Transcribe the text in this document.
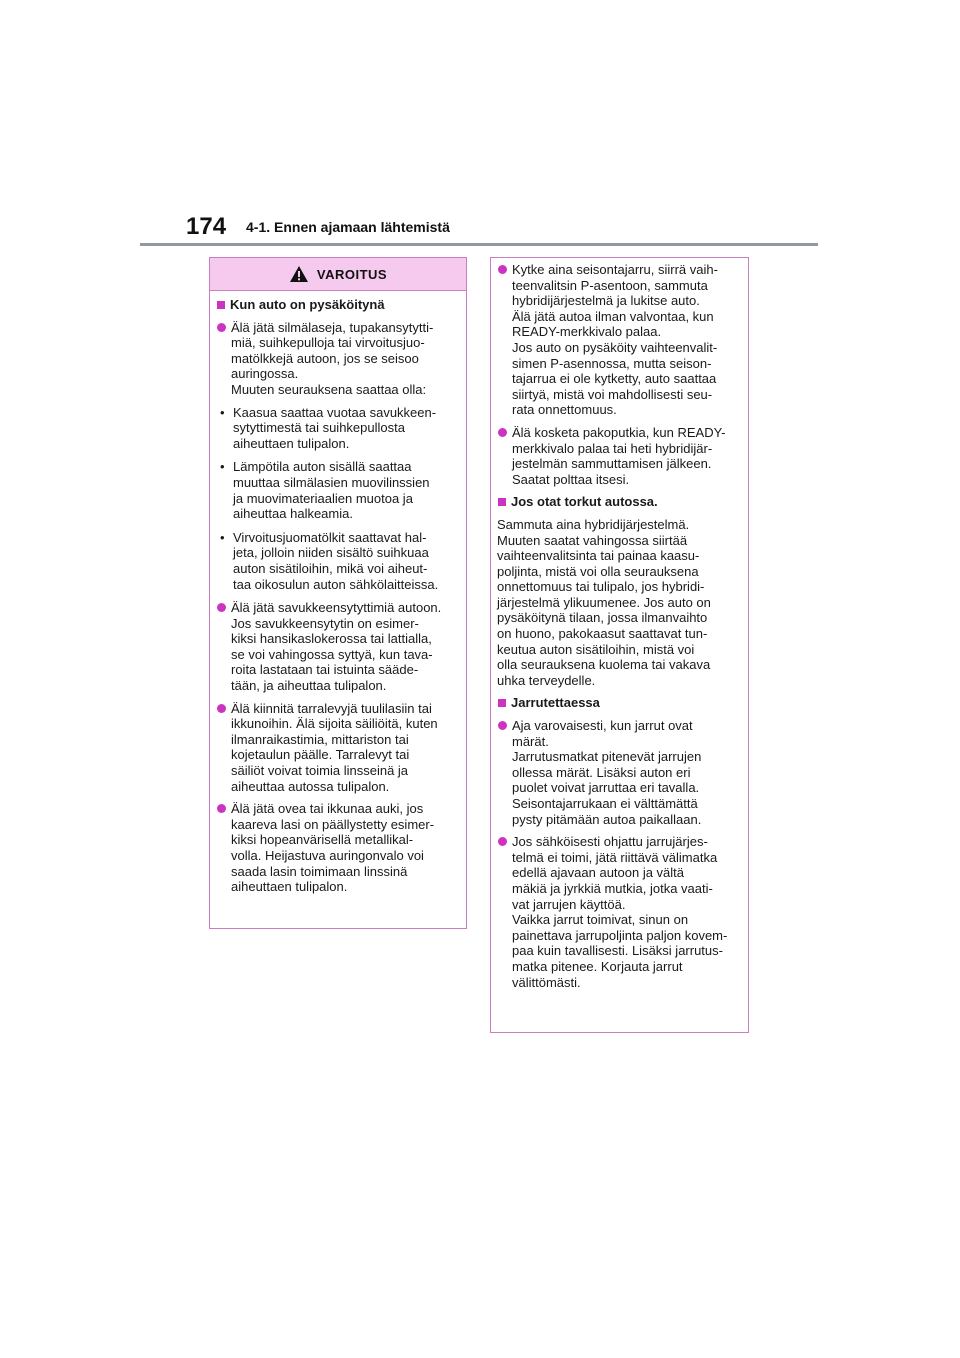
174 4-1. Ennen ajamaan lähtemistä
VAROITUS
Kun auto on pysäköitynä
Älä jätä silmälaseja, tupakansytytti-
miä, suihkepulloja tai virvoitusjuo-
matölkkejä autoon, jos se seisoo
auringossa.
Muuten seurauksena saattaa olla:
• Kaasua saattaa vuotaa savukkeen-
sytyttimestä tai suihkepullosta
aiheuttaen tulipalon.
• Lämpötila auton sisällä saattaa
muuttaa silmälasien muovilinssien
ja muovimateriaalien muotoa ja
aiheuttaa halkeamia.
• Virvoitusjuomatölkit saattavat hal-
jeta, jolloin niiden sisältö suihkuaa
auton sisätiloihin, mikä voi aiheut-
taa oikosulun auton sähkölaitteissa.
Älä jätä savukkeensytyttimiä autoon.
Jos savukkeensytytin on esimer-
kiksi hansikaslokerossa tai lattialla,
se voi vahingossa syttyä, kun tava-
roita lastataan tai istuinta sääde-
tään, ja aiheuttaa tulipalon.
Älä kiinnitä tarralevyjä tuulilasiin tai
ikkunoihin. Älä sijoita säiliöitä, kuten
ilmanraikastimia, mittariston tai
kojetaulun päälle. Tarralevyt tai
säiliöt voivat toimia linsseinä ja
aiheuttaa autossa tulipalon.
Älä jätä ovea tai ikkunaa auki, jos
kaareva lasi on päällystetty esimer-
kiksi hopeanvärisellä metallikal-
volla. Heijastuva auringonvalo voi
saada lasin toimimaan linssinä
aiheuttaen tulipalon.
Kytke aina seisontajarru, siirrä vaih-
teenvalitsin P-asentoon, sammuta
hybridijärjestelmä ja lukitse auto.
Älä jätä autoa ilman valvontaa, kun
READY-merkkivalo palaa.
Jos auto on pysäköity vaihteenvalit-
simen P-asennossa, mutta seison-
tajarrua ei ole kytketty, auto saattaa
siirtyä, mistä voi mahdollisesti seu-
rata onnettomuus.
Älä kosketa pakoputkia, kun READY-
merkkivalo palaa tai heti hybridijär-
jestelmän sammuttamisen jälkeen.
Saatat polttaa itsesi.
Jos otat torkut autossa.
Sammuta aina hybridijärjestelmä.
Muuten saatat vahingossa siirtää
vaihteenvalitsinta tai painaa kaasu-
poljinta, mistä voi olla seurauksena
onnettomuus tai tulipalo, jos hybridi-
järjestelmä ylikuumenee. Jos auto on
pysäköitynä tilaan, jossa ilmanvaihto
on huono, pakokaasut saattavat tun-
keutua auton sisätiloihin, mistä voi
olla seurauksena kuolema tai vakava
uhka terveydelle.
Jarrutettaessa
Aja varovaisesti, kun jarrut ovat
märät.
Jarrutusmatkat pitenevät jarrujen
ollessa märät. Lisäksi auton eri
puolet voivat jarruttaa eri tavalla.
Seisontajarrukaan ei välttämättä
pysty pitämään autoa paikallaan.
Jos sähköisesti ohjattu jarrujärjes-
telmä ei toimi, jätä riittävä välimatka
edellä ajavaan autoon ja vältä
mäkiä ja jyrkkiä mutkia, jotka vaati-
vat jarrujen käyttöä.
Vaikka jarrut toimivat, sinun on
painettava jarrupoljinta paljon kovem-
paa kuin tavallisesti. Lisäksi jarrutus-
matka pitenee. Korjauta jarrut
välittömästi.
